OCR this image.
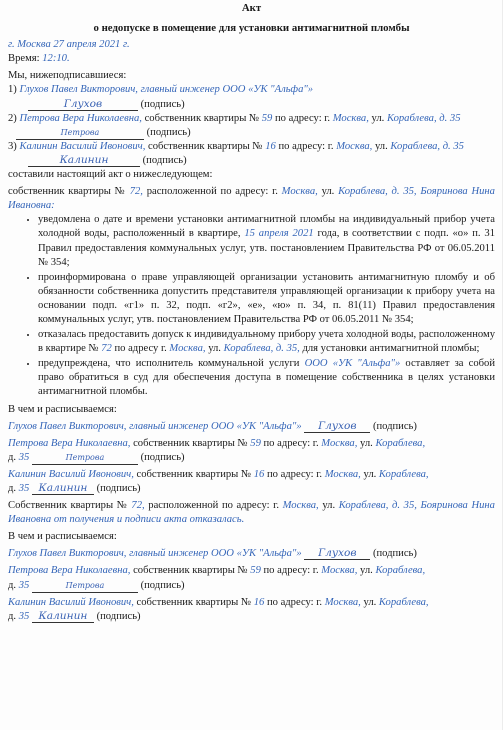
Акт

о недопуске в помещение для установки антимагнитной пломбы

г. Москва 27 апреля 2021 г.

Время: 12:10.

Мы, нижеподписавшиеся:

1) Глухов Павел Викторович, главный инженер ООО «УК "Альфа"»

Глухов	(подпись)

2) Петрова Вера Николаевна, собственник квартиры № 59 по адресу: г. Москва, ул. Кораблева, д. 35

Петрова	(подпись)

3) Калинин Василий Ивонович, собственник квартиры № 16 по адресу: г. Москва, ул. Кораблева, д. 35

Калинин	(подпись)

составили настоящий акт о нижеследующем:

собственник квартиры № 72, расположенной по адресу: г. Москва, ул. Кораблева, д. 35, Бояринова Нина Ивановна:

• уведомлена о дате и времени установки антимагнитной пломбы на индивидуальный прибор учета холодной воды, расположенный в квартире, 15 апреля 2021 года, в соответствии с подп. «о» п. 31 Правил предоставления коммунальных услуг, утв. постановлением Правительства РФ от 06.05.2011 № 354;
• проинформирована о праве управляющей организации установить антимагнитную пломбу и об обязанности собственника допустить представителя управляющей организации к прибору учета на основании подп. «г1» п. 32, подп. «г2», «е», «ю» п. 34, п. 81(11) Правил предоставления коммунальных услуг, утв. постановлением Правительства РФ от 06.05.2011 № 354;
• отказалась предоставить допуск к индивидуальному прибору учета холодной воды, расположенному в квартире № 72 по адресу г. Москва, ул. Кораблева, д. 35, для установки антимагнитной пломбы;
• предупреждена, что исполнитель коммунальной услуги ООО «УК "Альфа"» оставляет за собой право обратиться в суд для обеспечения доступа в помещение собственника в целях установки антимагнитной пломбы.

В чем и расписываемся:

Глухов Павел Викторович, главный инженер ООО «УК "Альфа"» Глухов (подпись)

Петрова Вера Николаевна, собственник квартиры № 59 по адресу: г. Москва, ул. Кораблева,
д. 35	Петрова	(подпись)

Калинин Василий Ивонович, собственник квартиры № 16 по адресу: г. Москва, ул. Кораблева,
д. 35 Калинин (подпись)

Собственник квартиры № 72, расположенной по адресу: г. Москва, ул. Кораблева, д. 35, Бояринова Нина Ивановна от получения и подписи акта отказалась.

В чем и расписываемся:

Глухов Павел Викторович, главный инженер ООО «УК "Альфа"» Глухов (подпись)

Петрова Вера Николаевна, собственник квартиры № 59 по адресу: г. Москва, ул. Кораблева,
д. 35	Петрова	(подпись)

Калинин Василий Ивонович, собственник квартиры № 16 по адресу: г. Москва, ул. Кораблева,
д. 35 Калинин (подпись)
